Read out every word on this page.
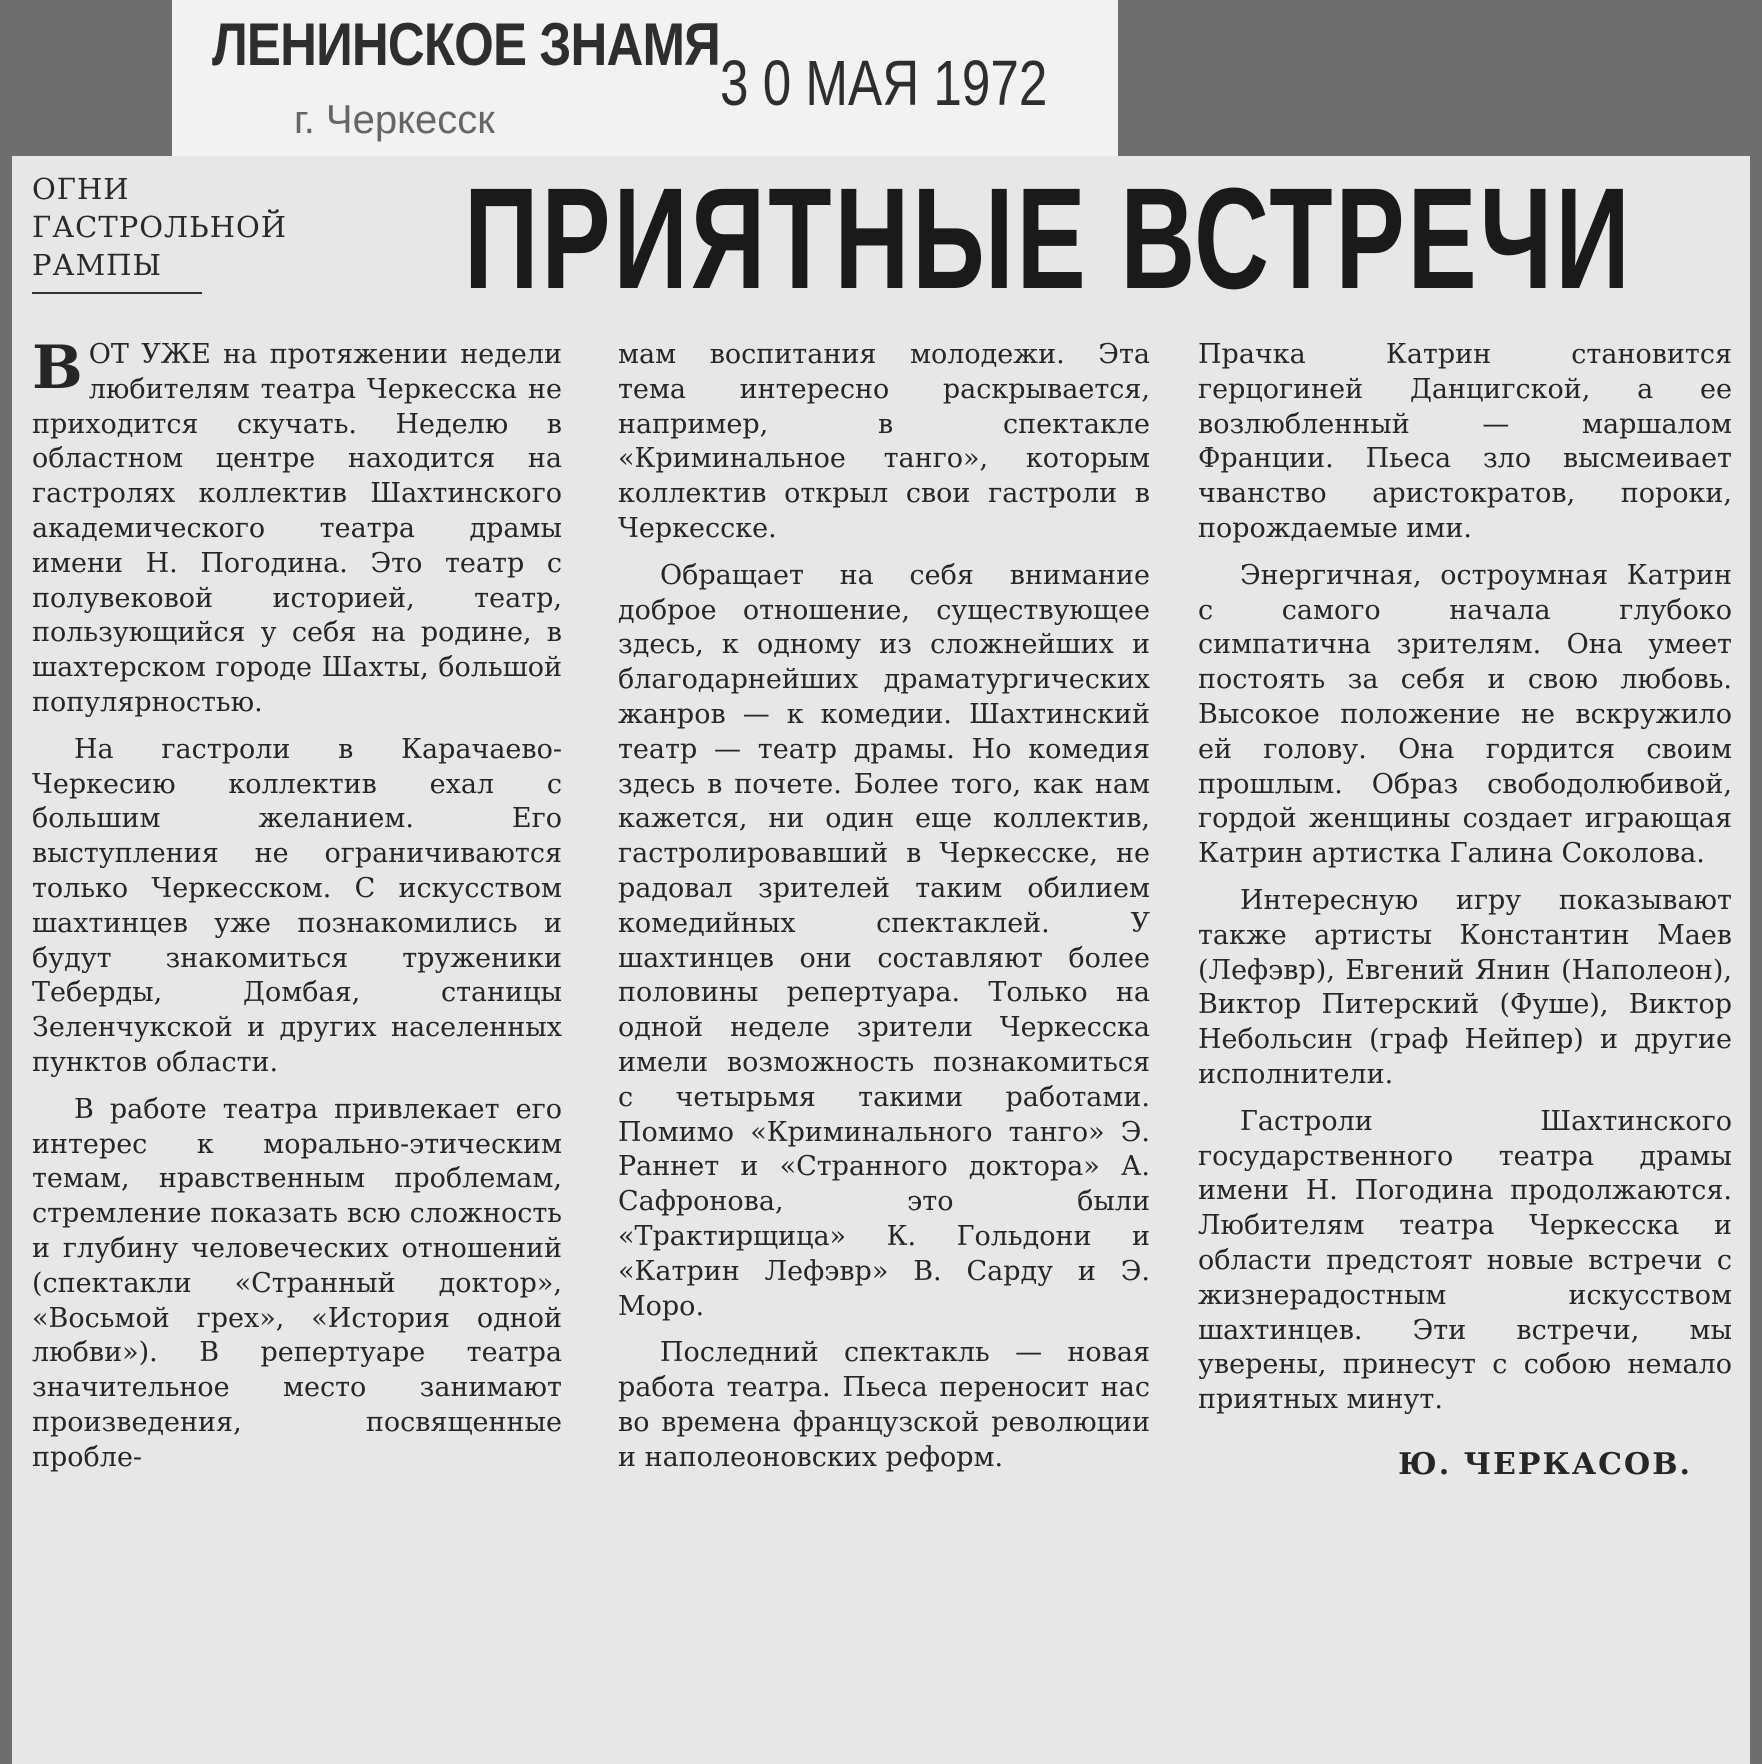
ЛЕНИНСКОЕ ЗНАМЯ
г. Черкесск
3 0 МАЯ 1972
ОГНИ
ГАСТРОЛЬНОЙ
РАМПЫ ПРИЯТНЫЕ ВСТРЕЧИ

ВОТ УЖЕ на протяжении недели любителям театра Черкесска не приходится скучать. Неделю в областном центре находится на гастролях коллектив Шахтинского академического театра драмы имени Н. Погодина. Это театр с полувековой историей, театр, пользующийся у себя на родине, в шахтерском городе Шахты, большой популярностью.

На гастроли в Карачаево-Черкесию коллектив ехал с большим желанием. Его выступления не ограничиваются только Черкесском. С искусством шахтинцев уже познакомились и будут знакомиться труженики Теберды, Домбая, станицы Зеленчукской и других населенных пунктов области.

В работе театра привлекает его интерес к морально-этическим темам, нравственным проблемам, стремление показать всю сложность и глубину человеческих отношений (спектакли «Странный доктор», «Восьмой грех», «История одной любви»). В репертуаре театра значительное место занимают произведения, посвященные пробле-

мам воспитания молодежи. Эта тема интересно раскрывается, например, в спектакле «Криминальное танго», которым коллектив открыл свои гастроли в Черкесске.

Обращает на себя внимание доброе отношение, существующее здесь, к одному из сложнейших и благодарнейших драматургических жанров — к комедии. Шахтинский театр — театр драмы. Но комедия здесь в почете. Более того, как нам кажется, ни один еще коллектив, гастролировавший в Черкесске, не радовал зрителей таким обилием комедийных спектаклей. У шахтинцев они составляют более половины репертуара. Только на одной неделе зрители Черкесска имели возможность познакомиться с четырьмя такими работами. Помимо «Криминального танго» Э. Раннет и «Странного доктора» А. Сафронова, это были «Трактирщица» К. Гольдони и «Катрин Лефэвр» В. Сарду и Э. Моро.

Последний спектакль — новая работа театра. Пьеса переносит нас во времена французской революции и наполеоновских реформ.

Прачка Катрин становится герцогиней Данцигской, а ее возлюбленный — маршалом Франции. Пьеса зло высмеивает чванство аристократов, пороки, порождаемые ими.

Энергичная, остроумная Катрин с самого начала глубоко симпатична зрителям. Она умеет постоять за себя и свою любовь. Высокое положение не вскружило ей голову. Она гордится своим прошлым. Образ свободолюбивой, гордой женщины создает играющая Катрин артистка Галина Соколова.

Интересную игру показывают также артисты Константин Маев (Лефэвр), Евгений Янин (Наполеон), Виктор Питерский (Фуше), Виктор Небольсин (граф Нейпер) и другие исполнители.

Гастроли Шахтинского государственного театра драмы имени Н. Погодина продолжаются. Любителям театра Черкесска и области предстоят новые встречи с жизнерадостным искусством шахтинцев. Эти встречи, мы уверены, принесут с собою немало приятных минут.

Ю. ЧЕРКАСОВ.
